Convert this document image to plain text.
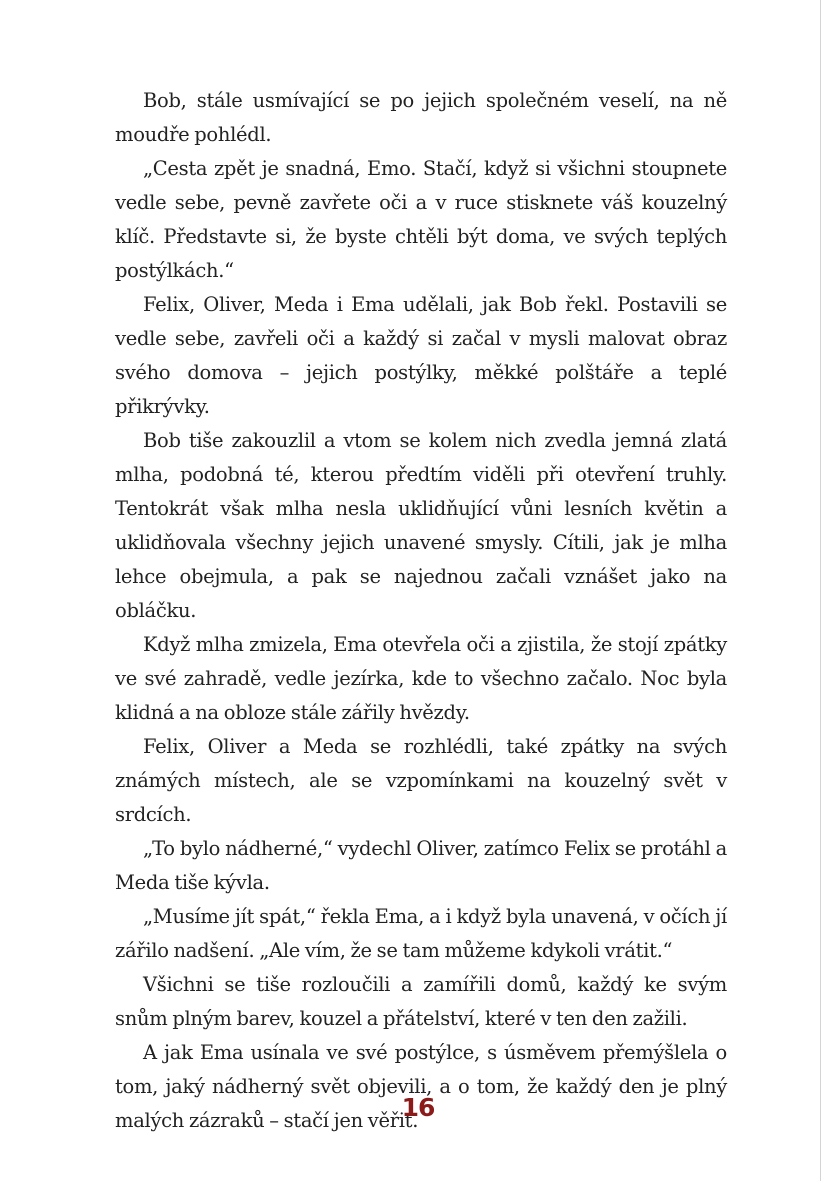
Bob, stále usmívající se po jejich společném veselí, na ně moudře pohlédl.

„Cesta zpět je snadná, Emo. Stačí, když si všichni stoupnete vedle sebe, pevně zavřete oči a v ruce stisknete váš kouzelný klíč. Představte si, že byste chtěli být doma, ve svých teplých postýlkách.“

Felix, Oliver, Meda i Ema udělali, jak Bob řekl. Postavili se vedle sebe, zavřeli oči a každý si začal v mysli malovat obraz svého domova – jejich postýlky, měkké polštáře a teplé přikrývky.

Bob tiše zakouzlil a vtom se kolem nich zvedla jemná zlatá mlha, podobná té, kterou předtím viděli při otevření truhly. Tentokrát však mlha nesla uklidňující vůni lesních květin a uklidňovala všechny jejich unavené smysly. Cítili, jak je mlha lehce obejmula, a pak se najednou začali vznášet jako na obláčku.

Když mlha zmizela, Ema otevřela oči a zjistila, že stojí zpátky ve své zahradě, vedle jezírka, kde to všechno začalo. Noc byla klidná a na obloze stále zářily hvězdy.

Felix, Oliver a Meda se rozhlédli, také zpátky na svých známých místech, ale se vzpomínkami na kouzelný svět v srdcích.

„To bylo nádherné,“ vydechl Oliver, zatímco Felix se protáhl a Meda tiše kývla.

„Musíme jít spát,“ řekla Ema, a i když byla unavená, v očích jí zářilo nadšení. „Ale vím, že se tam můžeme kdykoli vrátit.“

Všichni se tiše rozloučili a zamířili domů, každý ke svým snům plným barev, kouzel a přátelství, které v ten den zažili.

A jak Ema usínala ve své postýlce, s úsměvem přemýšlela o tom, jaký nádherný svět objevili, a o tom, že každý den je plný malých zázraků – stačí jen věřit.

16
